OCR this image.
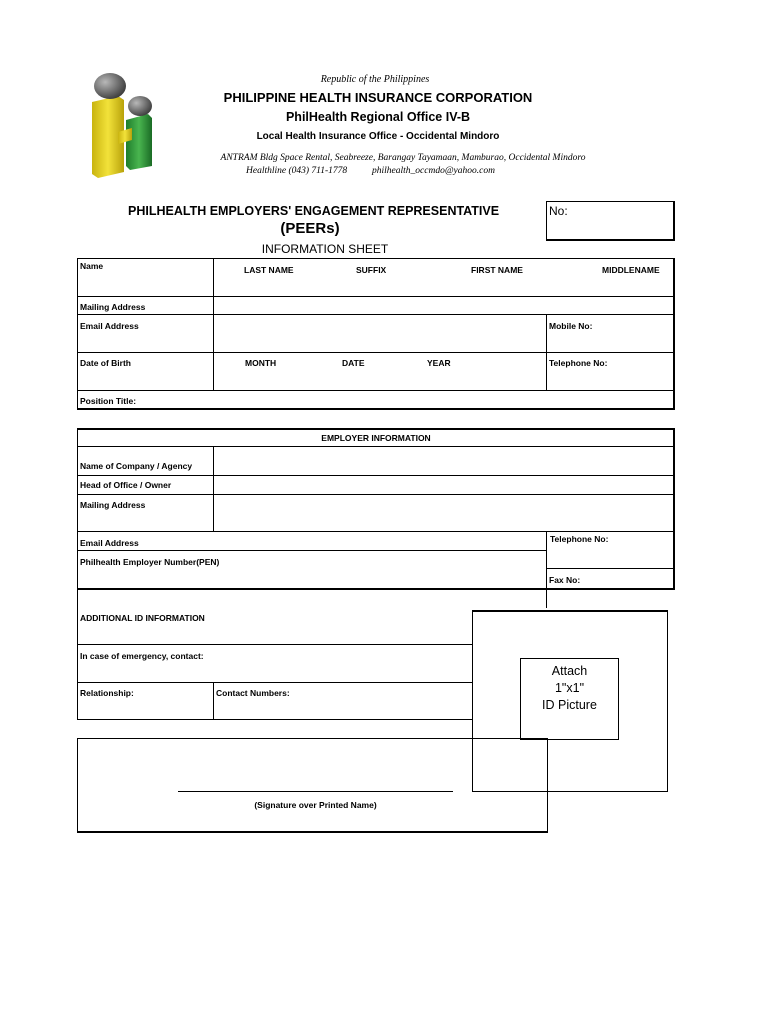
Republic of the Philippines
PHILIPPINE HEALTH INSURANCE CORPORATION
PhilHealth Regional Office IV-B
Local Health Insurance Office - Occidental Mindoro
ANTRAM Bldg Space Rental, Seabreeze, Barangay Tayamaan, Mamburao, Occidental Mindoro
Healthline (043) 711-1778	philhealth_occmdo@yahoo.com
PHILHEALTH EMPLOYERS' ENGAGEMENT REPRESENTATIVE
(PEERs)
INFORMATION SHEET
No:
Name	LAST NAME	SUFFIX	FIRST NAME	MIDDLENAME
Mailing Address
Email Address	Mobile No:
Date of Birth	MONTH	DATE	YEAR	Telephone No:
Position Title:
EMPLOYER INFORMATION
Name of Company / Agency
Head of Office / Owner
Mailing Address
Email Address	Telephone No:
Philhealth Employer Number(PEN)
Fax No:
ADDITIONAL ID INFORMATION
In case of emergency, contact:
Relationship:	Contact Numbers:
Attach
1"x1"
ID Picture
(Signature over Printed Name)
